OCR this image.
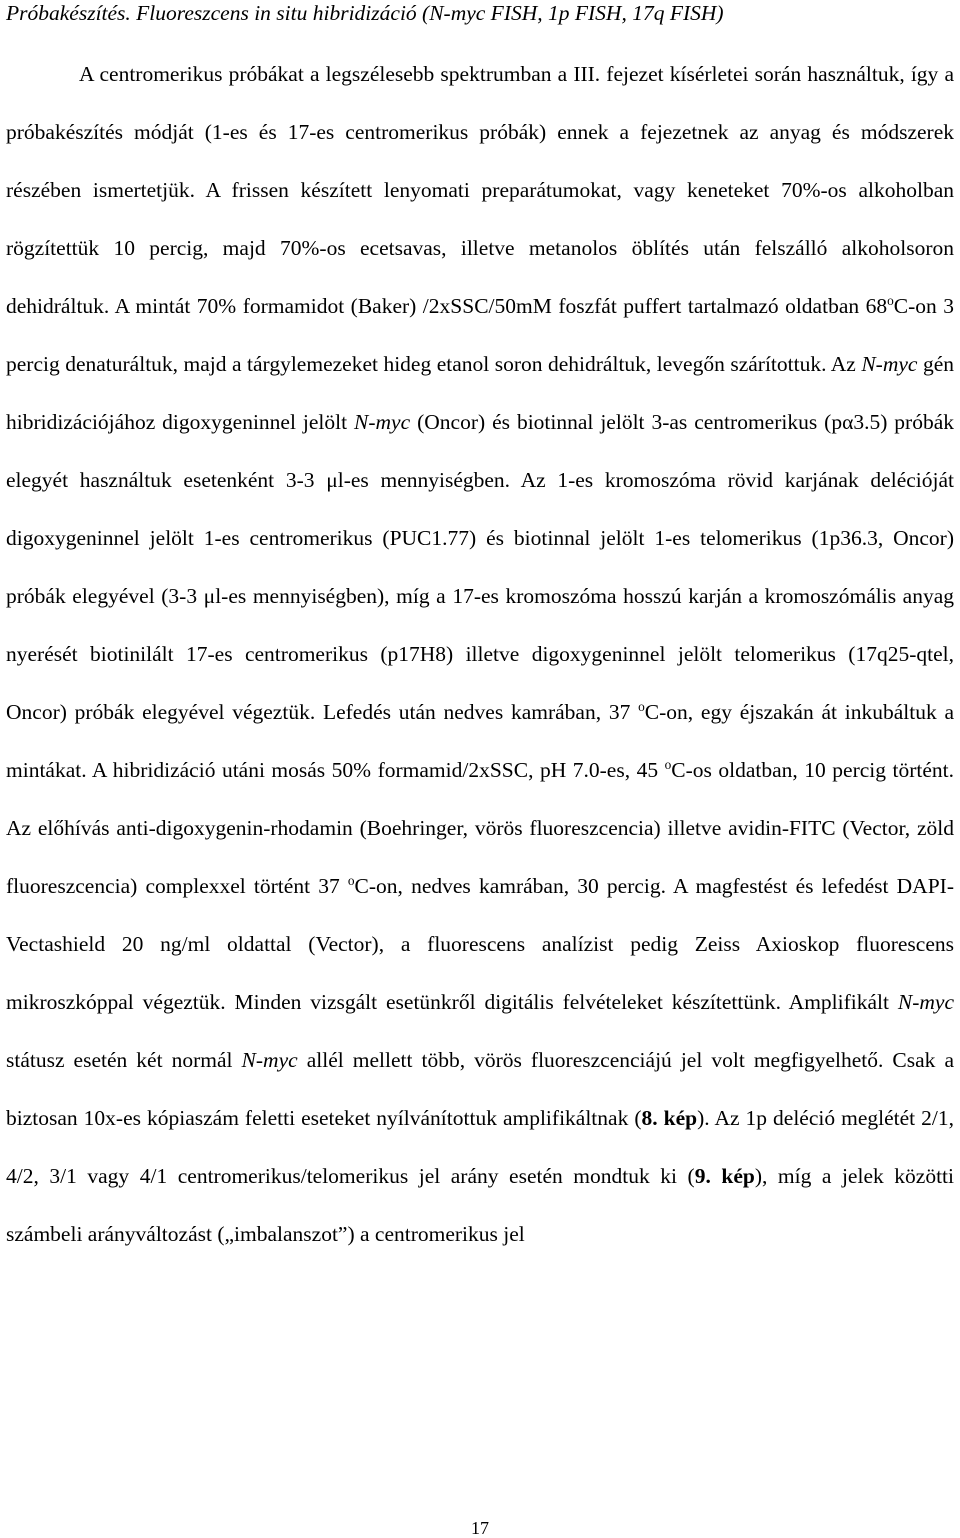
Próbakészítés. Fluoreszcens in situ hibridizáció (N-myc FISH, 1p FISH, 17q FISH)
A centromerikus próbákat a legszélesebb spektrumban a III. fejezet kísérletei során használtuk, így a próbakészítés módját (1-es és 17-es centromerikus próbák) ennek a fejezetnek az anyag és módszerek részében ismertetjük. A frissen készített lenyomati preparátumokat, vagy keneteket 70%-os alkoholban rögzítettük 10 percig, majd 70%-os ecetsavas, illetve metanolos öblítés után felszálló alkoholsoron dehidráltuk. A mintát 70% formamidot (Baker) /2xSSC/50mM foszfát puffert tartalmazó oldatban 68$^o$C-on 3 percig denaturáltuk, majd a tárgylemezeket hideg etanol soron dehidráltuk, levegőn szárítottuk. Az N-myc gén hibridizációjához digoxygeninnel jelölt N-myc (Oncor) és biotinnal jelölt 3-as centromerikus (pα3.5) próbák elegyét használtuk esetenként 3-3 μl-es mennyiségben. Az 1-es kromoszóma rövid karjának delécióját digoxygeninnel jelölt 1-es centromerikus (PUC1.77) és biotinnal jelölt 1-es telomerikus (1p36.3, Oncor) próbák elegyével (3-3 μl-es mennyiségben), míg a 17-es kromoszóma hosszú karján a kromoszómális anyag nyerését biotinilált 17-es centromerikus (p17H8) illetve digoxygeninnel jelölt telomerikus (17q25-qtel, Oncor) próbák elegyével végeztük. Lefedés után nedves kamrában, 37 $^o$C-on, egy éjszakán át inkubáltuk a mintákat. A hibridizáció utáni mosás 50% formamid/2xSSC, pH 7.0-es, 45 $^o$C-os oldatban, 10 percig történt. Az előhívás anti-digoxygenin-rhodamin (Boehringer, vörös fluoreszcencia) illetve avidin-FITC (Vector, zöld fluoreszcencia) complexxel történt 37 $^o$C-on, nedves kamrában, 30 percig. A magfestést és lefedést DAPI-Vectashield 20 ng/ml oldattal (Vector), a fluorescens analízist pedig Zeiss Axioskop fluorescens mikroszkóppal végeztük. Minden vizsgált esetünkről digitális felvételeket készítettünk. Amplifikált N-myc státusz esetén két normál N-myc allél mellett több, vörös fluoreszcenciájú jel volt megfigyelhető. Csak a biztosan 10x-es kópiaszám feletti eseteket nyílvánítottuk amplifikáltnak (8. kép). Az 1p deléció meglétét 2/1, 4/2, 3/1 vagy 4/1 centromerikus/telomerikus jel arány esetén mondtuk ki (9. kép), míg a jelek közötti számbeli arányváltozást („imbalanszot”) a centromerikus jel
17
